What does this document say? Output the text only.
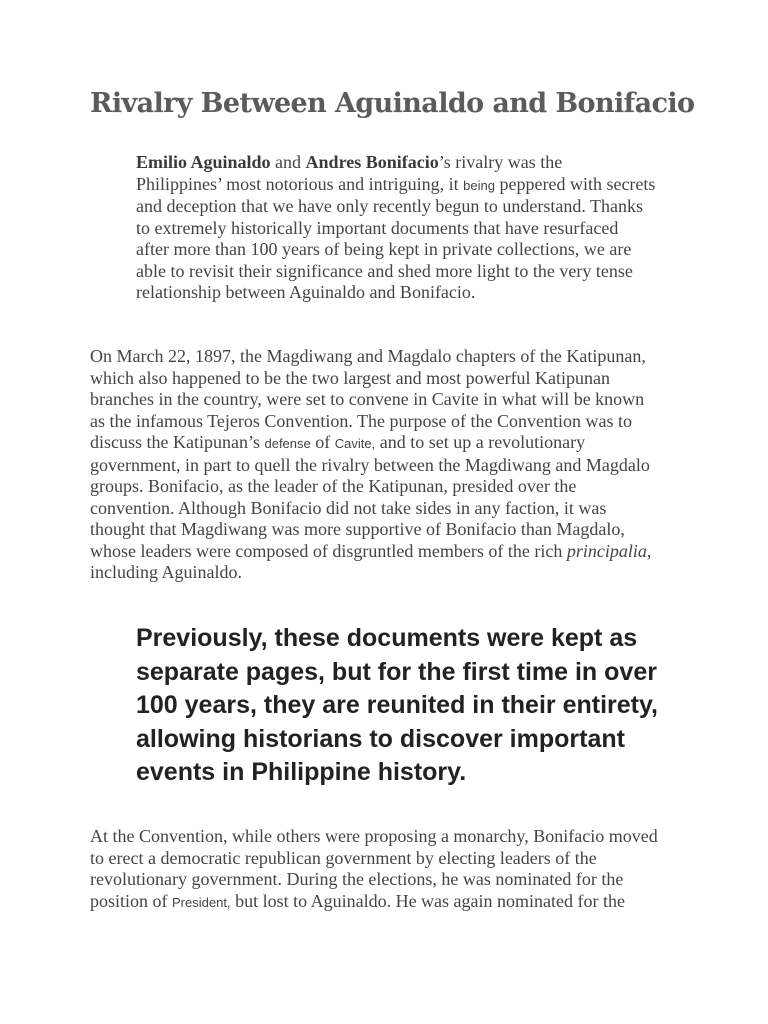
Rivalry Between Aguinaldo and Bonifacio
Emilio Aguinaldo and Andres Bonifacio’s rivalry was the
Philippines’ most notorious and intriguing, it being peppered with secrets
and deception that we have only recently begun to understand. Thanks
to extremely historically important documents that have resurfaced
after more than 100 years of being kept in private collections, we are
able to revisit their significance and shed more light to the very tense
relationship between Aguinaldo and Bonifacio.
On March 22, 1897, the Magdiwang and Magdalo chapters of the Katipunan,
which also happened to be the two largest and most powerful Katipunan
branches in the country, were set to convene in Cavite in what will be known
as the infamous Tejeros Convention. The purpose of the Convention was to
discuss the Katipunan’s defense of Cavite, and to set up a revolutionary
government, in part to quell the rivalry between the Magdiwang and Magdalo
groups. Bonifacio, as the leader of the Katipunan, presided over the
convention. Although Bonifacio did not take sides in any faction, it was
thought that Magdiwang was more supportive of Bonifacio than Magdalo,
whose leaders were composed of disgruntled members of the rich principalia,
including Aguinaldo.
Previously, these documents were kept as
separate pages, but for the first time in over
100 years, they are reunited in their entirety,
allowing historians to discover important
events in Philippine history.
At the Convention, while others were proposing a monarchy, Bonifacio moved
to erect a democratic republican government by electing leaders of the
revolutionary government. During the elections, he was nominated for the
position of President, but lost to Aguinaldo. He was again nominated for the
